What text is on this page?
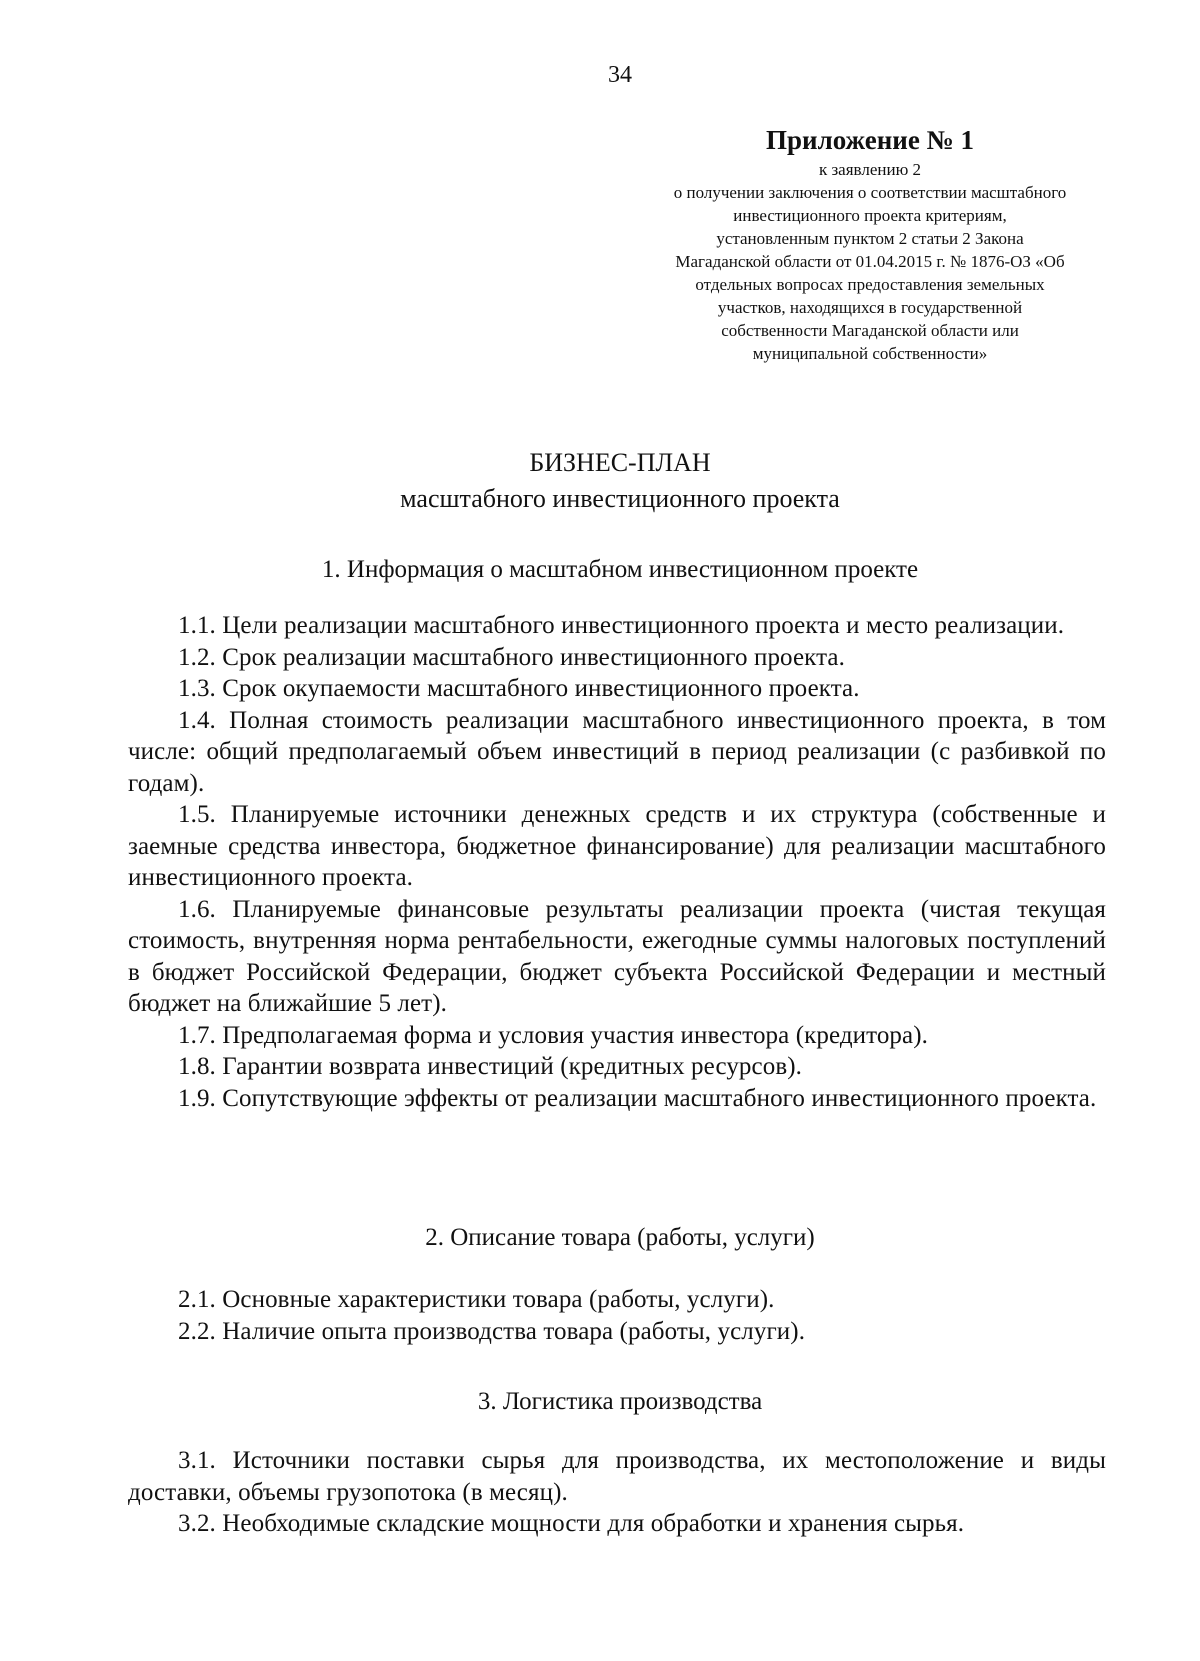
34
Приложение № 1
к заявлению 2
о получении заключения о соответствии масштабного
инвестиционного проекта критериям,
установленным пунктом 2 статьи 2 Закона
Магаданской области от 01.04.2015 г. № 1876-ОЗ «Об
отдельных вопросах предоставления земельных
участков, находящихся в государственной
собственности Магаданской области или
муниципальной собственности»
БИЗНЕС-ПЛАН
масштабного инвестиционного проекта
1. Информация о масштабном инвестиционном проекте

1.1. Цели реализации масштабного инвестиционного проекта и место реализации.

1.2. Срок реализации масштабного инвестиционного проекта.

1.3. Срок окупаемости масштабного инвестиционного проекта.

1.4. Полная стоимость реализации масштабного инвестиционного проекта, в том числе: общий предполагаемый объем инвестиций в период реализации (с разбивкой по годам).

1.5. Планируемые источники денежных средств и их структура (собственные и заемные средства инвестора, бюджетное финансирование) для реализации масштабного инвестиционного проекта.

1.6. Планируемые финансовые результаты реализации проекта (чистая текущая стоимость, внутренняя норма рентабельности, ежегодные суммы налоговых поступлений в бюджет Российской Федерации, бюджет субъекта Российской Федерации и местный бюджет на ближайшие 5 лет).

1.7. Предполагаемая форма и условия участия инвестора (кредитора).

1.8. Гарантии возврата инвестиций (кредитных ресурсов).

1.9. Сопутствующие эффекты от реализации масштабного инвестиционного проекта.

2. Описание товара (работы, услуги)

2.1. Основные характеристики товара (работы, услуги).

2.2. Наличие опыта производства товара (работы, услуги).

3. Логистика производства

3.1. Источники поставки сырья для производства, их местоположение и виды доставки, объемы грузопотока (в месяц).

3.2. Необходимые складские мощности для обработки и хранения сырья.
